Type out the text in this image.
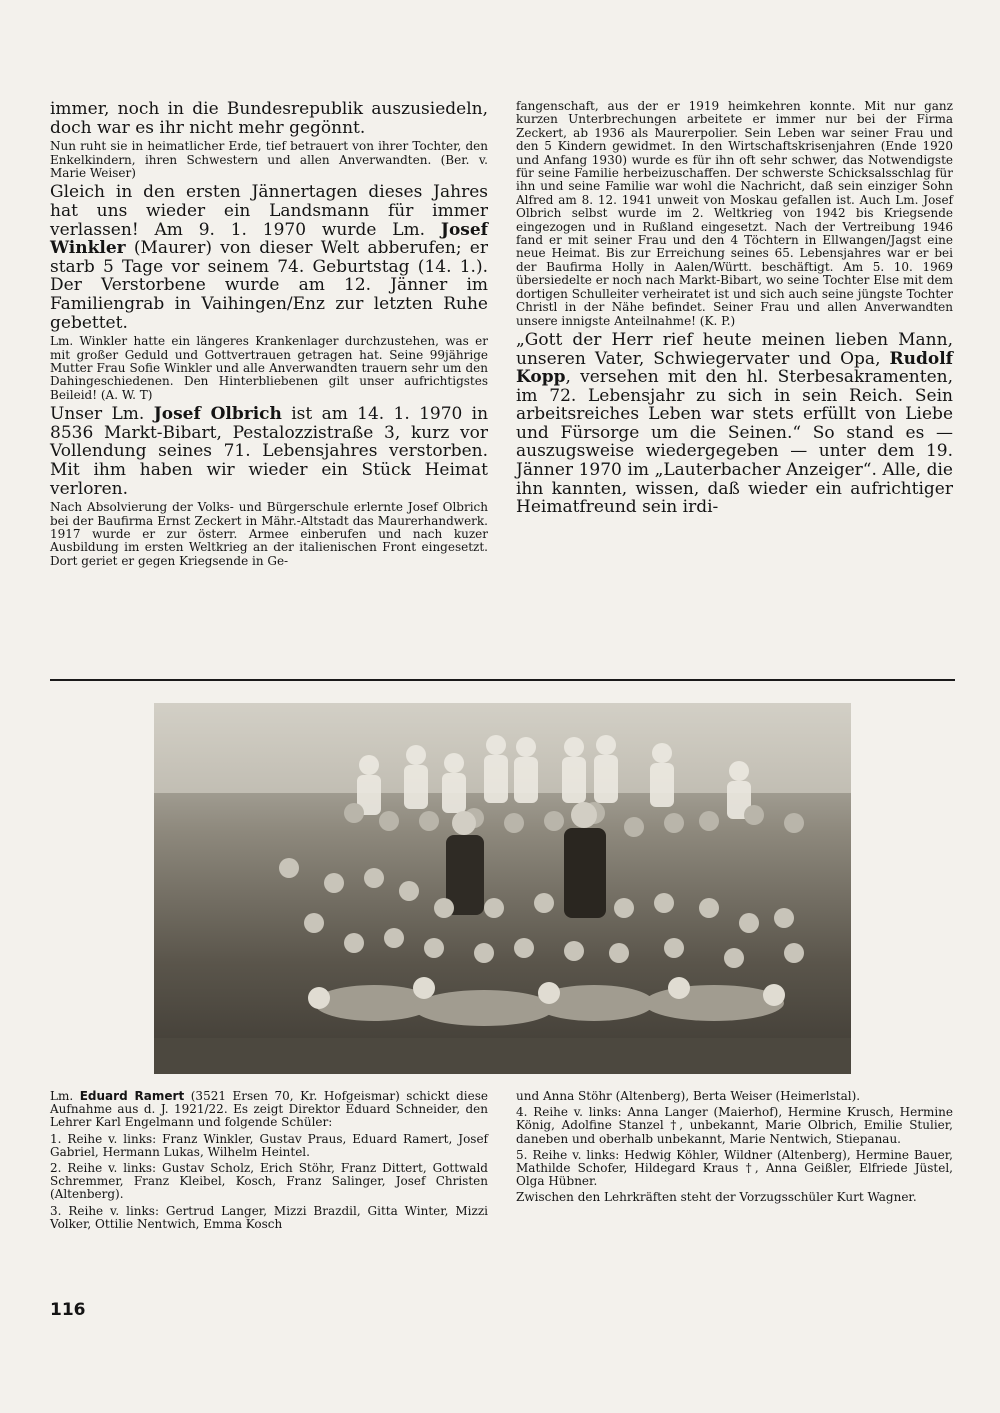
immer, noch in die Bundesrepublik auszusiedeln, doch war es ihr nicht mehr gegönnt.

Nun ruht sie in heimatlicher Erde, tief betrauert von ihrer Tochter, den Enkelkindern, ihren Schwestern und allen Anverwandten. (Ber. v. Marie Weiser)

Gleich in den ersten Jännertagen dieses Jahres hat uns wieder ein Landsmann für immer verlassen! Am 9. 1. 1970 wurde Lm. Josef Winkler (Maurer) von dieser Welt abberufen; er starb 5 Tage vor seinem 74. Geburtstag (14. 1.). Der Verstorbene wurde am 12. Jänner im Familiengrab in Vaihingen/Enz zur letzten Ruhe gebettet.

Lm. Winkler hatte ein längeres Krankenlager durchzustehen, was er mit großer Geduld und Gottvertrauen getragen hat. Seine 99jährige Mutter Frau Sofie Winkler und alle Anverwandten trauern sehr um den Dahingeschiedenen. Den Hinterbliebenen gilt unser aufrichtigstes Beileid! (A. W. T)

Unser Lm. Josef Olbrich ist am 14. 1. 1970 in 8536 Markt-Bibart, Pestalozzistraße 3, kurz vor Vollendung seines 71. Lebensjahres verstorben. Mit ihm haben wir wieder ein Stück Heimat verloren.

Nach Absolvierung der Volks- und Bürgerschule erlernte Josef Olbrich bei der Baufirma Ernst Zeckert in Mähr.-Altstadt das Maurerhandwerk. 1917 wurde er zur österr. Armee einberufen und nach kuzer Ausbildung im ersten Weltkrieg an der italienischen Front eingesetzt. Dort geriet er gegen Kriegsende in Ge-

fangenschaft, aus der er 1919 heimkehren konnte. Mit nur ganz kurzen Unterbrechungen arbeitete er immer nur bei der Firma Zeckert, ab 1936 als Maurerpolier. Sein Leben war seiner Frau und den 5 Kindern gewidmet. In den Wirtschaftskrisenjahren (Ende 1920 und Anfang 1930) wurde es für ihn oft sehr schwer, das Notwendigste für seine Familie herbeizuschaffen. Der schwerste Schicksalsschlag für ihn und seine Familie war wohl die Nachricht, daß sein einziger Sohn Alfred am 8. 12. 1941 unweit von Moskau gefallen ist. Auch Lm. Josef Olbrich selbst wurde im 2. Weltkrieg von 1942 bis Kriegsende eingezogen und in Rußland eingesetzt. Nach der Vertreibung 1946 fand er mit seiner Frau und den 4 Töchtern in Ellwangen/Jagst eine neue Heimat. Bis zur Erreichung seines 65. Lebensjahres war er bei der Baufirma Holly in Aalen/Württ. beschäftigt. Am 5. 10. 1969 übersiedelte er noch nach Markt-Bibart, wo seine Tochter Else mit dem dortigen Schulleiter verheiratet ist und sich auch seine jüngste Tochter Christl in der Nähe befindet. Seiner Frau und allen Anverwandten unsere innigste Anteilnahme! (K. P.)

„Gott der Herr rief heute meinen lieben Mann, unseren Vater, Schwiegervater und Opa, Rudolf Kopp, versehen mit den hl. Sterbesakramenten, im 72. Lebensjahr zu sich in sein Reich. Sein arbeitsreiches Leben war stets erfüllt von Liebe und Fürsorge um die Seinen.“ So stand es — auszugsweise wiedergegeben — unter dem 19. Jänner 1970 im „Lauterbacher Anzeiger“. Alle, die ihn kannten, wissen, daß wieder ein aufrichtiger Heimatfreund sein irdi-

Lm. Eduard Ramert (3521 Ersen 70, Kr. Hofgeismar) schickt diese Aufnahme aus d. J. 1921/22. Es zeigt Direktor Eduard Schneider, den Lehrer Karl Engelmann und folgende Schüler:

1. Reihe v. links: Franz Winkler, Gustav Praus, Eduard Ramert, Josef Gabriel, Hermann Lukas, Wilhelm Heintel.

2. Reihe v. links: Gustav Scholz, Erich Stöhr, Franz Dittert, Gottwald Schremmer, Franz Kleibel, Kosch, Franz Salinger, Josef Christen (Altenberg).

3. Reihe v. links: Gertrud Langer, Mizzi Brazdil, Gitta Winter, Mizzi Volker, Ottilie Nentwich, Emma Kosch

und Anna Stöhr (Altenberg), Berta Weiser (Heimerlstal).

4. Reihe v. links: Anna Langer (Maierhof), Hermine Krusch, Hermine König, Adolfine Stanzel †, unbekannt, Marie Olbrich, Emilie Stulier, daneben und oberhalb unbekannt, Marie Nentwich, Stiepanau.

5. Reihe v. links: Hedwig Köhler, Wildner (Altenberg), Hermine Bauer, Mathilde Schofer, Hildegard Kraus †, Anna Geißler, Elfriede Jüstel, Olga Hübner.

Zwischen den Lehrkräften steht der Vorzugsschüler Kurt Wagner.

116
